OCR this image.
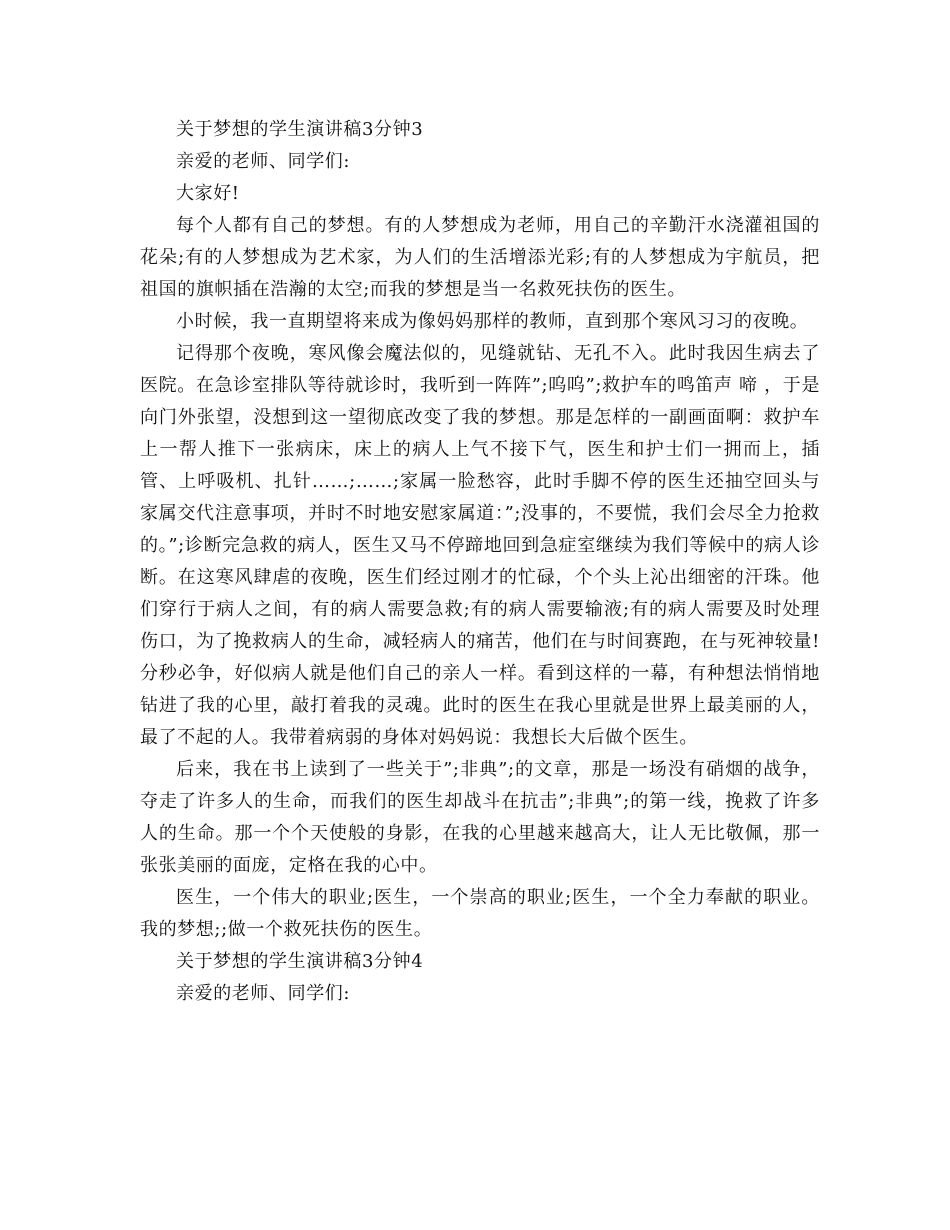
关于梦想的学生演讲稿3分钟3

亲爱的老师、同学们:

大家好!

每个人都有自己的梦想。有的人梦想成为老师，用自己的辛勤汗水浇灌祖国的花朵;有的人梦想成为艺术家，为人们的生活增添光彩;有的人梦想成为宇航员，把祖国的旗帜插在浩瀚的太空;而我的梦想是当一名救死扶伤的医生。

小时候，我一直期望将来成为像妈妈那样的教师，直到那个寒风习习的夜晚。

记得那个夜晚，寒风像会魔法似的，见缝就钻、无孔不入。此时我因生病去了医院。在急诊室排队等待就诊时，我听到一阵阵”;呜呜”;救护车的鸣笛声 啼 ，于是向门外张望，没想到这一望彻底改变了我的梦想。那是怎样的一副画面啊：救护车上一帮人推下一张病床，床上的病人上气不接下气，医生和护士们一拥而上，插管、上呼吸机、扎针……;……;家属一脸愁容，此时手脚不停的医生还抽空回头与家属交代注意事项，并时不时地安慰家属道：”;没事的，不要慌，我们会尽全力抢救的。”;诊断完急救的病人，医生又马不停蹄地回到急症室继续为我们等候中的病人诊断。在这寒风肆虐的夜晚，医生们经过刚才的忙碌，个个头上沁出细密的汗珠。他们穿行于病人之间，有的病人需要急救;有的病人需要输液;有的病人需要及时处理伤口，为了挽救病人的生命，减轻病人的痛苦，他们在与时间赛跑，在与死神较量!分秒必争，好似病人就是他们自己的亲人一样。看到这样的一幕，有种想法悄悄地钻进了我的心里，敲打着我的灵魂。此时的医生在我心里就是世界上最美丽的人，最了不起的人。我带着病弱的身体对妈妈说：我想长大后做个医生。

后来，我在书上读到了一些关于”;非典”;的文章，那是一场没有硝烟的战争，夺走了许多人的生命，而我们的医生却战斗在抗击”;非典”;的第一线，挽救了许多人的生命。那一个个天使般的身影，在我的心里越来越高大，让人无比敬佩，那一张张美丽的面庞，定格在我的心中。

医生，一个伟大的职业;医生，一个崇高的职业;医生，一个全力奉献的职业。我的梦想;;做一个救死扶伤的医生。

关于梦想的学生演讲稿3分钟4

亲爱的老师、同学们:
